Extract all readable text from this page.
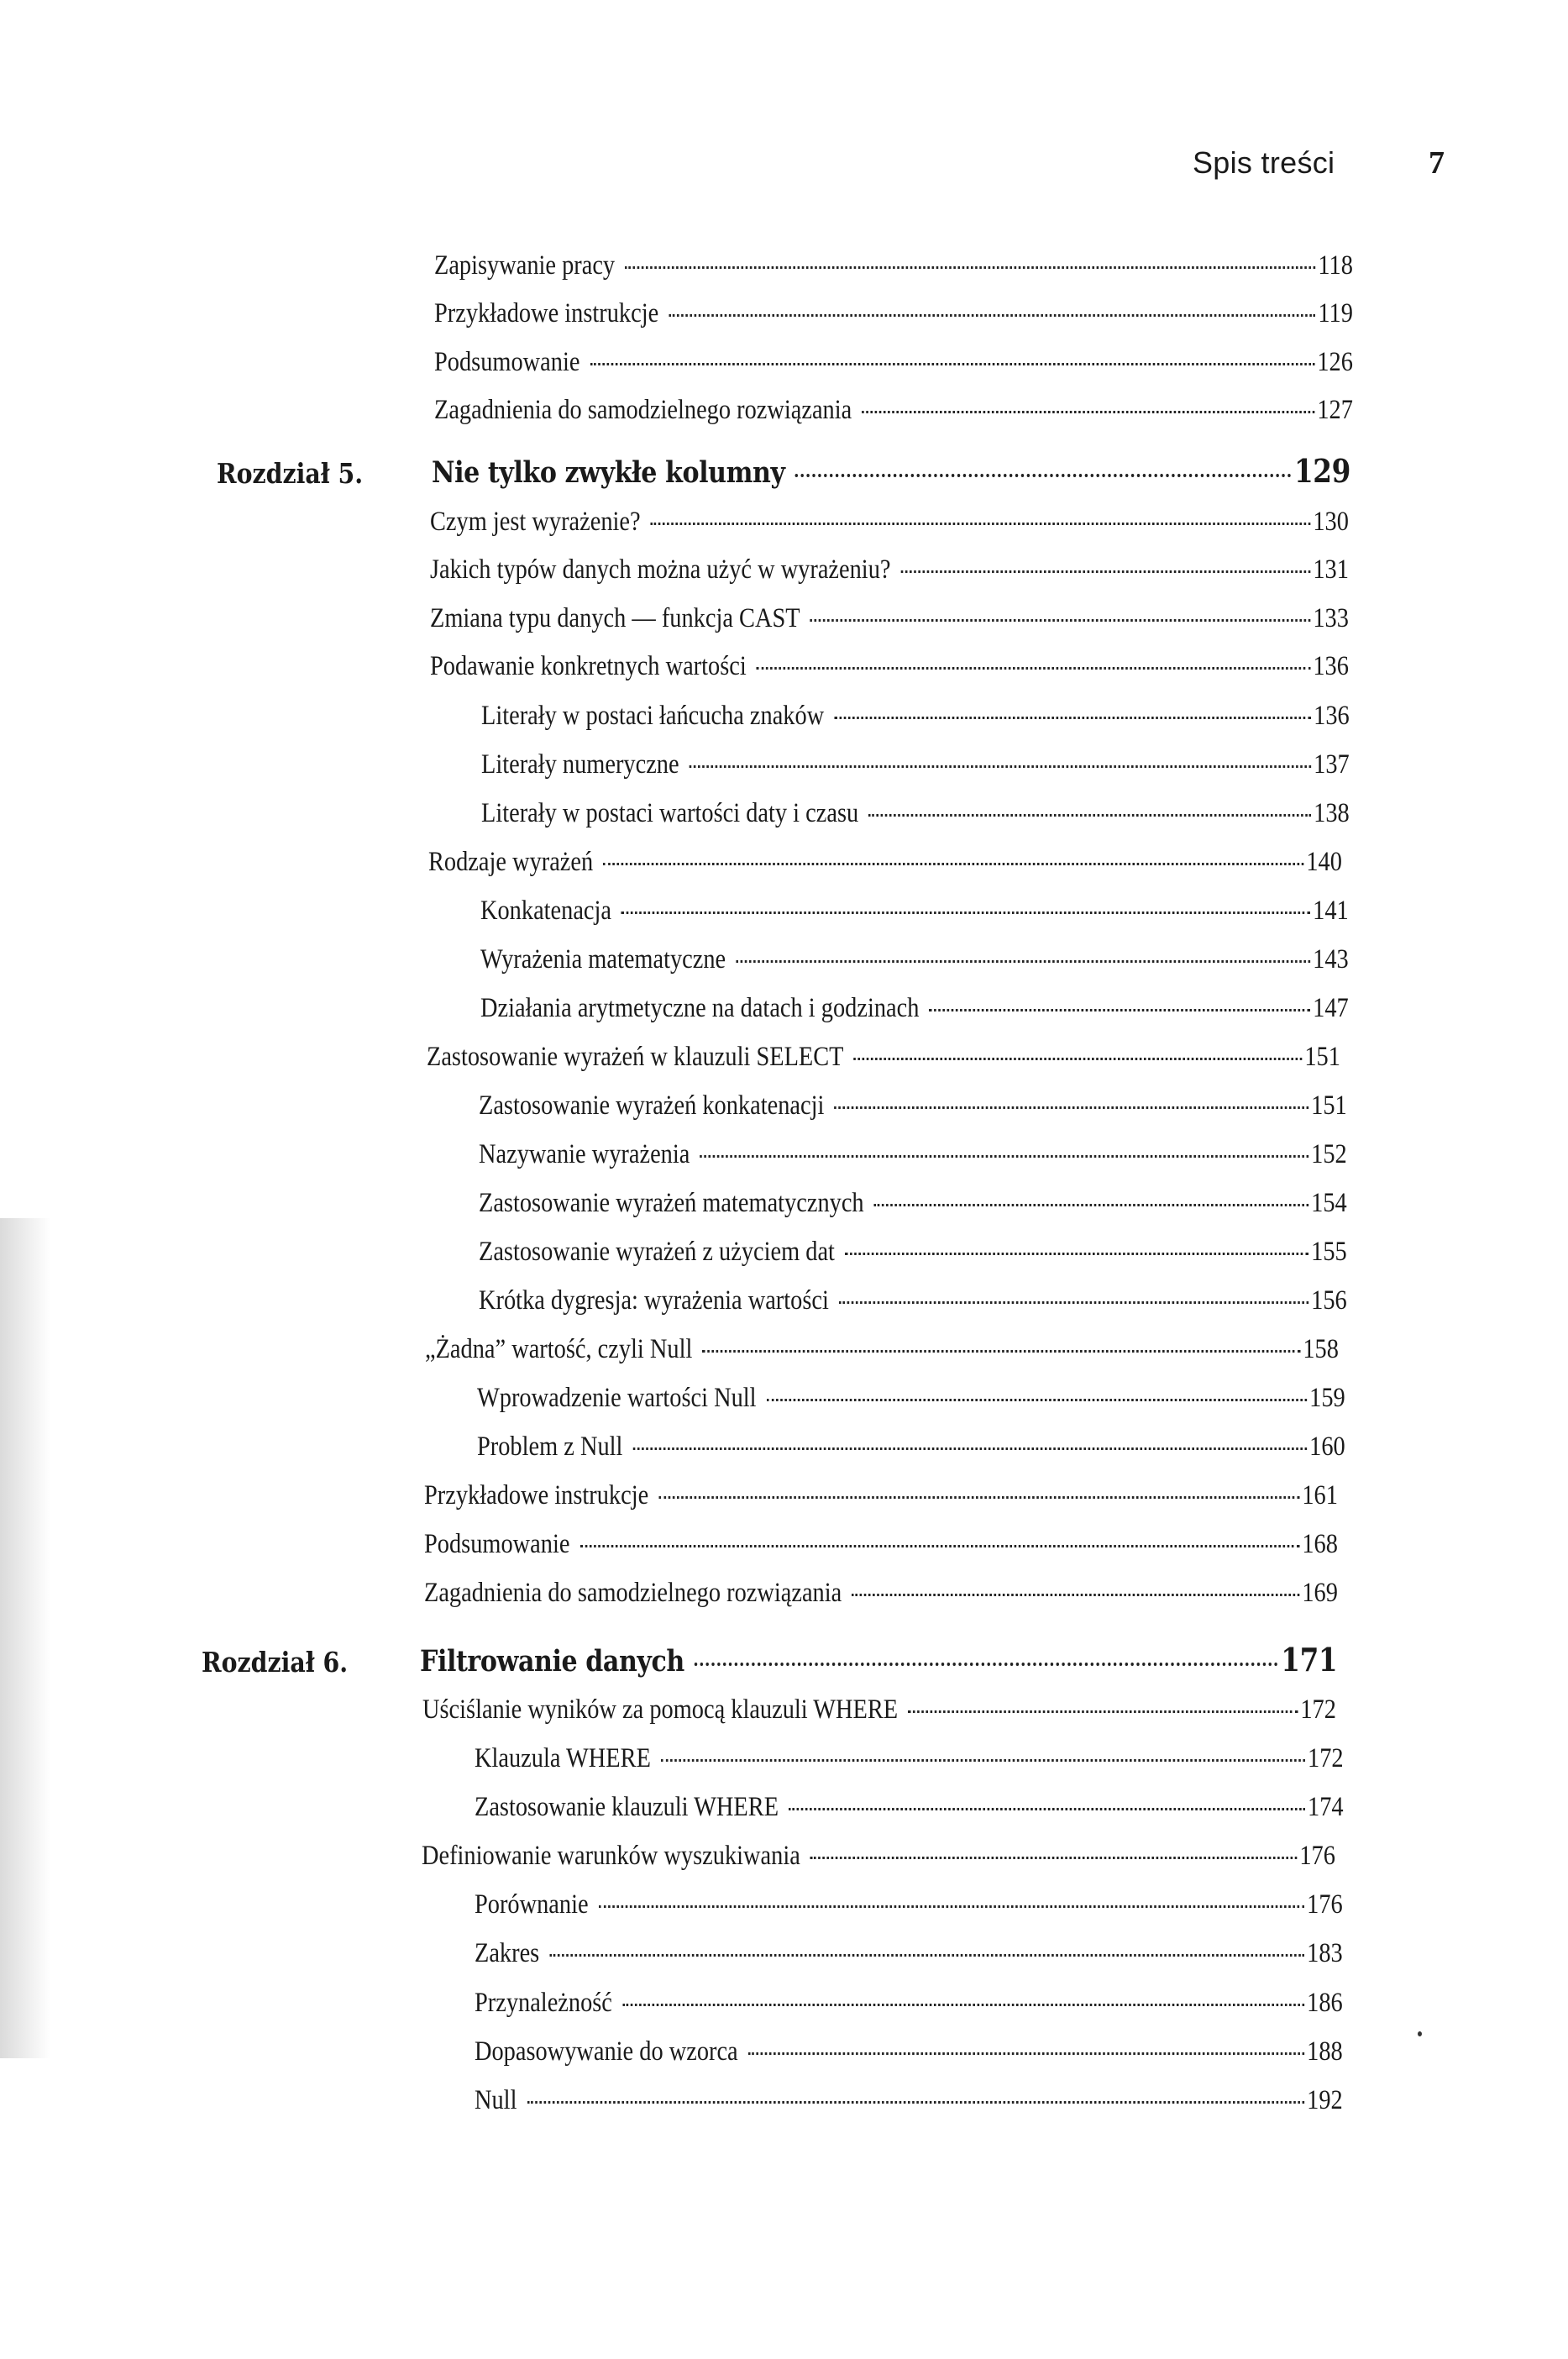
Spis treści	7
Zapisywanie pracy	118
Przykładowe instrukcje	119
Podsumowanie	126
Zagadnienia do samodzielnego rozwiązania	127
Rozdział 5. Nie tylko zwykłe kolumny	129
Czym jest wyrażenie?	130
Jakich typów danych można użyć w wyrażeniu?	131
Zmiana typu danych — funkcja CAST	133
Podawanie konkretnych wartości	136
Literały w postaci łańcucha znaków	136
Literały numeryczne	137
Literały w postaci wartości daty i czasu	138
Rodzaje wyrażeń	140
Konkatenacja	141
Wyrażenia matematyczne	143
Działania arytmetyczne na datach i godzinach	147
Zastosowanie wyrażeń w klauzuli SELECT	151
Zastosowanie wyrażeń konkatenacji	151
Nazywanie wyrażenia	152
Zastosowanie wyrażeń matematycznych	154
Zastosowanie wyrażeń z użyciem dat	155
Krótka dygresja: wyrażenia wartości	156
„Żadna” wartość, czyli Null	158
Wprowadzenie wartości Null	159
Problem z Null	160
Przykładowe instrukcje	161
Podsumowanie	168
Zagadnienia do samodzielnego rozwiązania	169
Rozdział 6. Filtrowanie danych	171
Uściślanie wyników za pomocą klauzuli WHERE	172
Klauzula WHERE	172
Zastosowanie klauzuli WHERE	174
Definiowanie warunków wyszukiwania	176
Porównanie	176
Zakres	183
Przynależność	186
Dopasowywanie do wzorca	188
Null	192
